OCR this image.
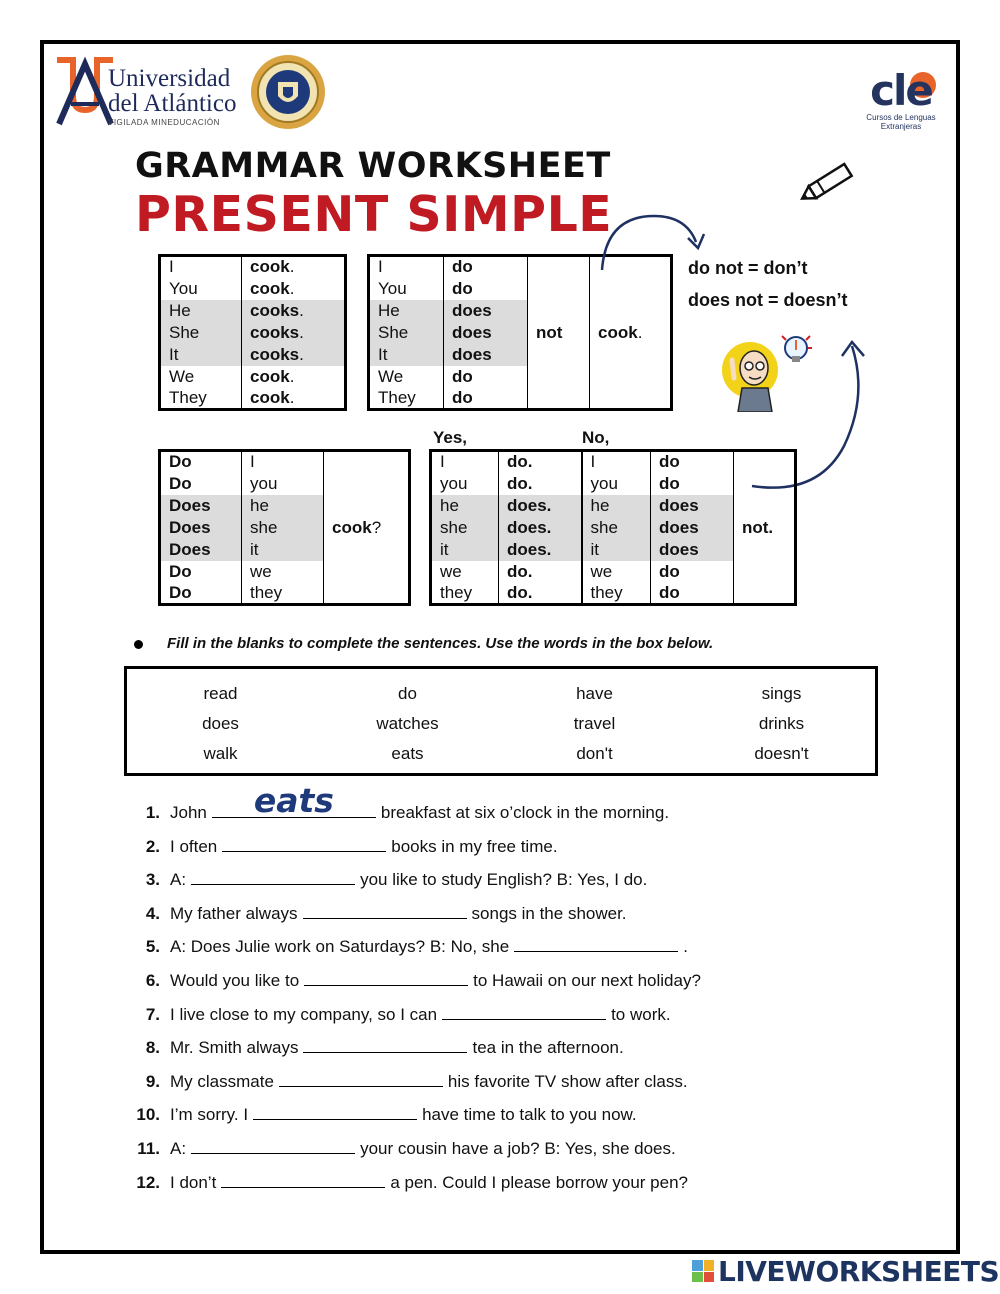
Universidad
del Atlántico
VIGILADA MINEDUCACIÓN
cle
Cursos de Lenguas Extranjeras
GRAMMAR WORKSHEET
PRESENT SIMPLE
I	cook.
You	cook.
He	cooks.
She	cooks.
It	cooks.
We	cook.
They	cook.
I	do	not	cook.
You	do		
He	does		
She	does		
It	does		
We	do		
They	do		
do not = don’t
does not = doesn’t
Yes,	No,
Do	I	cook?
Do	you	
Does	he	
Does	she	
Does	it	
Do	we	
Do	they	
I	do.	I	do	not.
you	do.	you	do	
he	does.	he	does	
she	does.	she	does	
it	does.	it	does	
we	do.	we	do	
they	do.	they	do	
Fill in the blanks to complete the sentences. Use the words in the box below.
read	do	have	sings
does	watches	travel	drinks
walk	eats	don't	doesn't
1. John	eats	breakfast at six o’clock in the morning.
2. I often	books in my free time.
3. A:	you like to study English? B: Yes, I do.
4. My father always	songs in the shower.
5. A: Does Julie work on Saturdays? B: No, she	.
6. Would you like to	to Hawaii on our next holiday?
7. I live close to my company, so I can	to work.
8. Mr. Smith always	tea in the afternoon.
9. My classmate	his favorite TV show after class.
10. I’m sorry. I	have time to talk to you now.
11. A:	your cousin have a job? B: Yes, she does.
12. I don’t	a pen. Could I please borrow your pen?
LIVEWORKSHEETS
